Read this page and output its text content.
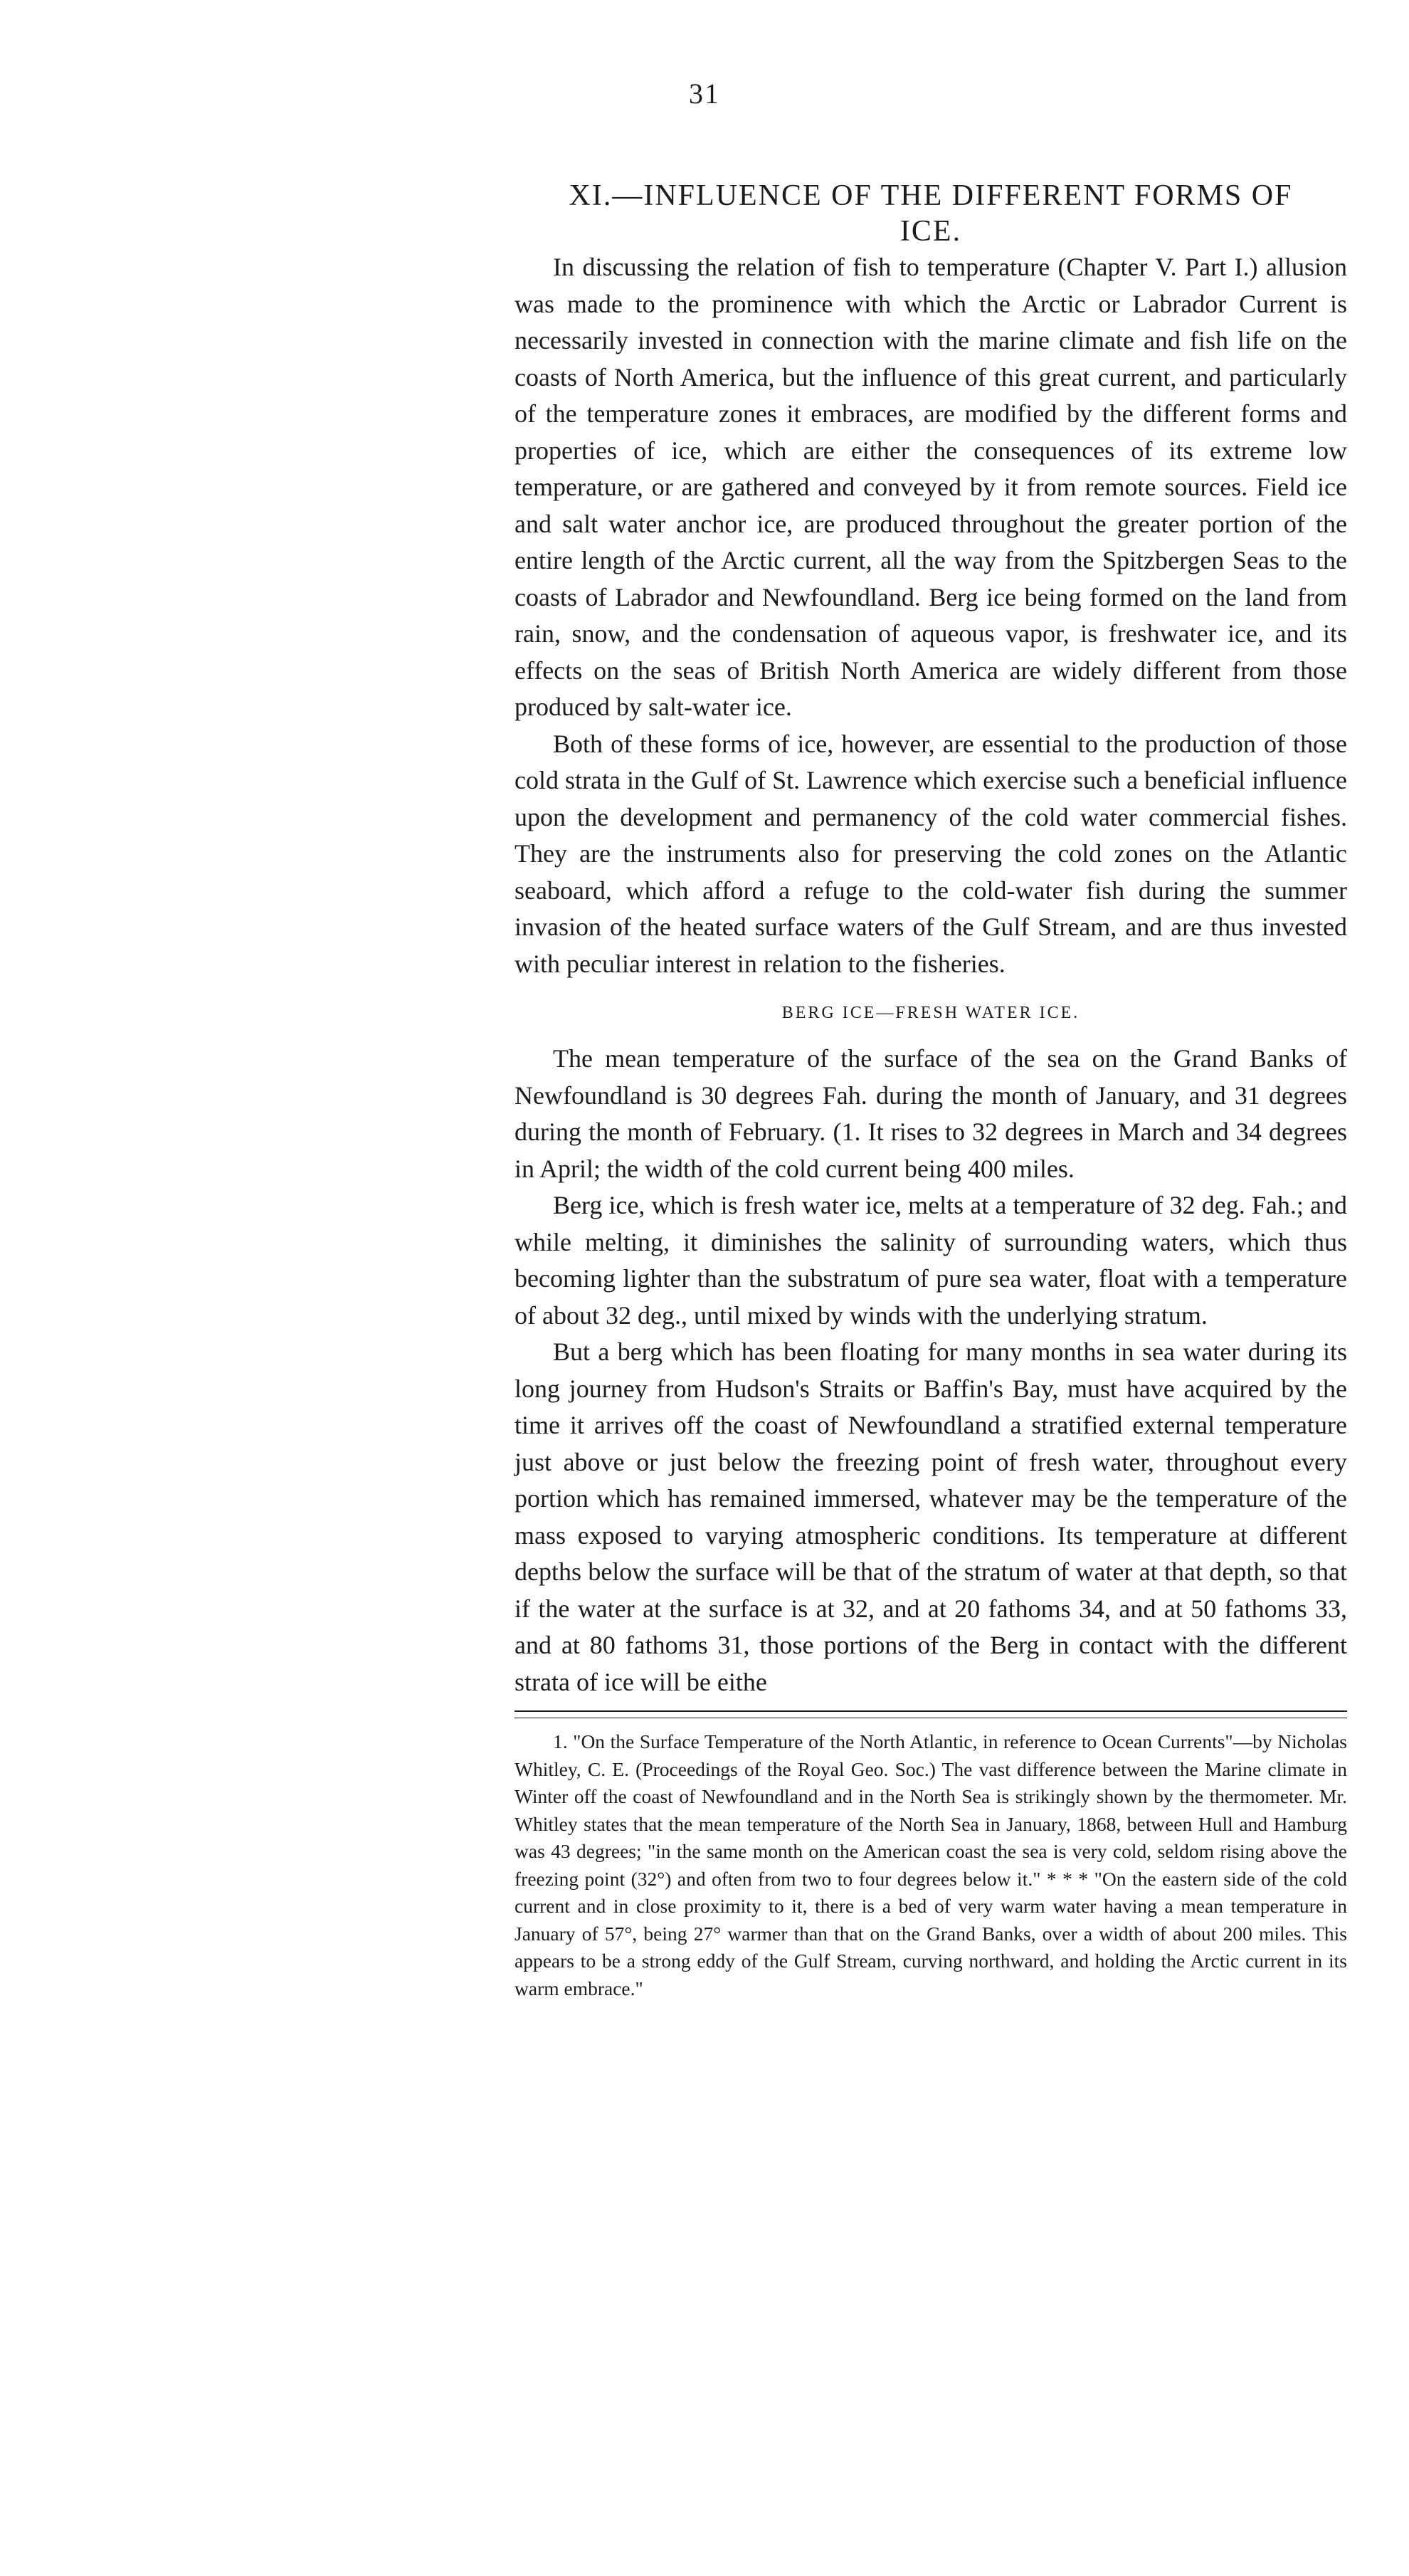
31
XI.—INFLUENCE OF THE DIFFERENT FORMS OF
ICE.

In discussing the relation of fish to temperature (Chapter V. Part I.) allusion was made to the prominence with which the Arctic or Labrador Current is necessarily invested in connection with the marine climate and fish life on the coasts of North America, but the influence of this great current, and particularly of the temperature zones it embraces, are modified by the different forms and properties of ice, which are either the consequences of its extreme low temperature, or are gathered and conveyed by it from remote sources. Field ice and salt water anchor ice, are produced throughout the greater portion of the entire length of the Arctic current, all the way from the Spitzbergen Seas to the coasts of Labrador and Newfoundland. Berg ice being formed on the land from rain, snow, and the condensation of aqueous vapor, is freshwater ice, and its effects on the seas of British North America are widely different from those produced by salt-water ice.

Both of these forms of ice, however, are essential to the production of those cold strata in the Gulf of St. Lawrence which exercise such a beneficial influence upon the development and permanency of the cold water commercial fishes. They are the instruments also for preserving the cold zones on the Atlantic seaboard, which afford a refuge to the cold-water fish during the summer invasion of the heated surface waters of the Gulf Stream, and are thus invested with peculiar interest in relation to the fisheries.

BERG ICE—FRESH WATER ICE.

The mean temperature of the surface of the sea on the Grand Banks of Newfoundland is 30 degrees Fah. during the month of January, and 31 degrees during the month of February. (1. It rises to 32 degrees in March and 34 degrees in April; the width of the cold current being 400 miles.

Berg ice, which is fresh water ice, melts at a temperature of 32 deg. Fah.; and while melting, it diminishes the salinity of surrounding waters, which thus becoming lighter than the substratum of pure sea water, float with a temperature of about 32 deg., until mixed by winds with the underlying stratum.

But a berg which has been floating for many months in sea water during its long journey from Hudson's Straits or Baffin's Bay, must have acquired by the time it arrives off the coast of Newfoundland a stratified external temperature just above or just below the freezing point of fresh water, throughout every portion which has remained immersed, whatever may be the temperature of the mass exposed to varying atmospheric conditions. Its temperature at different depths below the surface will be that of the stratum of water at that depth, so that if the water at the surface is at 32, and at 20 fathoms 34, and at 50 fathoms 33, and at 80 fathoms 31, those portions of the Berg in contact with the different strata of ice will be eithe

1. "On the Surface Temperature of the North Atlantic, in reference to Ocean Currents"—by Nicholas Whitley, C. E. (Proceedings of the Royal Geo. Soc.) The vast difference between the Marine climate in Winter off the coast of Newfoundland and in the North Sea is strikingly shown by the thermometer. Mr. Whitley states that the mean temperature of the North Sea in January, 1868, between Hull and Hamburg was 43 degrees; "in the same month on the American coast the sea is very cold, seldom rising above the freezing point (32°) and often from two to four degrees below it." * * * "On the eastern side of the cold current and in close proximity to it, there is a bed of very warm water having a mean temperature in January of 57°, being 27° warmer than that on the Grand Banks, over a width of about 200 miles. This appears to be a strong eddy of the Gulf Stream, curving northward, and holding the Arctic current in its warm embrace."
